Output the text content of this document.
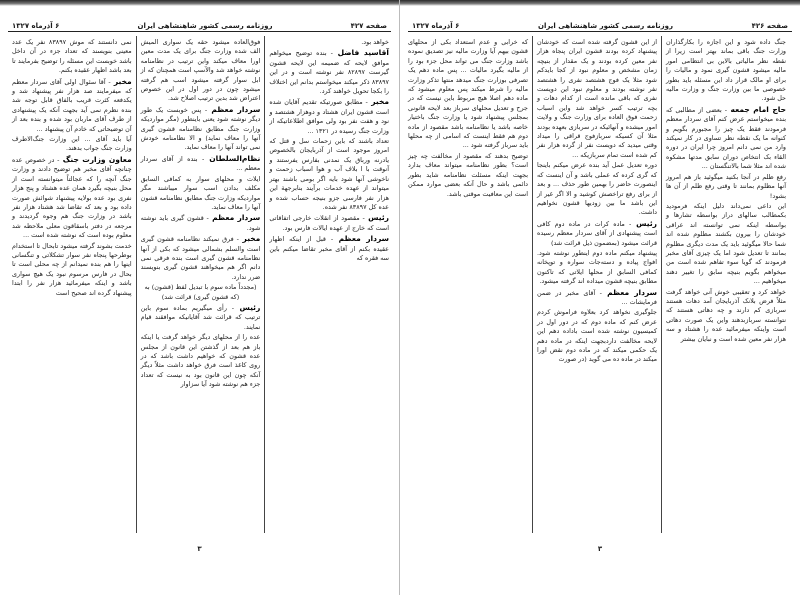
صفحه ۴۲۷
روزنامه رسمی کشور شاهنشاهی ایران
۶ آذرماه ۱۳۲۷

خواهد بود.

آقاسید فاضل - بنده توضیح میخواهم موافق لایحه که ضمیمه این لایحه قشون گیرست ۸۲۸۹۷ نفر نوشته است و در این ۸۳۸۹۷ ذکر میکند میخواستم بدانم این اختلاف را بکجا تحویل خواهند کرد.

مخبر - مطابق صورتیکه تقدیم آقایان شده است قشون ایران هشتاد و دوهزار هشتصد و نود و هفت نفر بود ولی موافق اطلاعاتیکه از وزارت جنگ رسیده در ۱۳۲۱ ...

تعداد باشند که باین زحمات سل و قتل که امروز موجود است از آذربایجان بالخصوص یادرنه ورباق یک نمدنی بفارس یفرستند و آنوقت با ا بلاف آب و هوا اسباب زحمت و ناخوشی آنها شود بایه اگر بومی باشند بهتر میتواند از عهده خدمات برآیند بنابرجهة این هزار نفر فارسی جزو بنیجه حساب شده و عده کل ۸۳۸۹۷ نفر شده.

رئیس - مقصود از انقلات خارجی اتفاقاتی است که خارج از عهده ایالات فارس بود.

سردار معظم - قبل از اینکه اظهار عقیده بکنم از آقای مخبر تقاضا میکنم باین سه فقره که

فوق‌العاده میشود حقه یک سواری المیش الف شده وزارت جنگ برای یک مدت معین اورا معاف میکند واین ترتیب در نظامنامه نوشته خواهد شد والآسپ است همچنان که از ابل سوار گرفته میشود اسب هم گرفته میشود چون در دور اول در این خصوص اعتراض شد بدین ترتیب اصلاح شد.

سردار معظم - پس خوبست یک طور دیگر نوشته شود یعنی باینطور (مگر مواردیکه وزارت جنگ مطابق نظامنامه قشون گیری آنها را معاف نماید) و الا نظامنامه خودش نمی تواند آنها را معاف نماید.

نظام‌السلطان - بنده از آقای سردار معظم ...

ایلات و محلهای سوار به کمافی السابق مکلف بدادن اسب سوار میباشند مگر مواردیکه وزارت جنگ مطابق نظامنامه قشون آنها را معاف نماید.

سردار معظم - قشون گیری باید نوشته شود.

مخبر - فرق نمیکند نظامنامه قشون گیری است والسلم بشمالی میشود که بکی از آنها نظامنامه قشون گیری است بنده فرقی نمی دانم اگر هم میخواهند قشون گیری بنویسند ضرر ندارد.

(مجدداً ماده سوم با تبدیل لفظ (قشون) به (که قشون گیری) قرائت شد)

رئیس - رأی میگیریم بماده سوم باین ترتیب که قرائت شد آقایانیکه موافقند قیام نمایند.

عده را از محلهای دیگر خواهد گرفت یا اینکه باز هم بعد از گذشتن این قانون از مجلس عده قشون که خواهیم داشت باشد که در روی کاغذ است فرق خواهد داشت مثلاً دیگر آنکه چون این قانون بود به نیست که تعداد جزء هم نوشته شود آیا سزاوار

نمی دانستند که موش ۸۳۸۹۷ نفر یک عدد معینی بنویسند که تعداد جزء در آن داخل باشد خوبست این مسئله را توضیح بفرمایند تا بعد باشد اظهار عقیده بکنم.

مخبر - آقا سئوال اولی آقای سردار معظم که میفرمایند صد هزار نفر پیشنهاد شد و یکدفعه کثرت قریب بالفاق قابل توجه شد بنده نظرم نمی آید بجهت آنکه یک پیشنهادی از طرف آقای ماربان بود شده و بنده بعد از آن توضیحاتی که خادم آن پیشنهاد ...

آیا باید آقای ... این وزارت جنگ‌الاطرف وزارت جنگ جواب بدهند.

معاون وزارت جنگ - در خصوص عده چنانچه آقای مخبر هم توضیح دادند و وزارت جنگ آنچه را که عجالتاً میتوانسته است از محل بنیچه بگیرد همان عده هشتاد و پنج هزار نفری بود عده بولایه پیشنهاد شوائش صورت داده بود و بعد که تقاضا شد هشتاد هزار نفر باشد در وزارت جنگ هم وجوه گردیدند و مرجعه در دفتر باسقاقون معلی ملاحظه شد معلوم بوده است که نوشته شده است ...

خدمت بشوند گرفته میشود تابحال تا استخدام بوطرحها پنجاه نفر سوار تشکلاتی و تنگسانی اینها را هم بنده نمیدانم از چه محلی است تا بحال در فارس مرسوم نبود یک هیچ سواری باشد و اینکه میفرمائید هزار نفر را ابتدا پیشنهاد گرده اند صحیح است

۳
صفحه ۴۲۶
روزنامه رسمی کشور شاهنشاهی ایران
۶ آذرماه ۱۳۲۷

جنگ داده شود و این اجازه را بکارگذاران وزارت جنگ باقی بماند بهتر است زیرا از نقطه نظر مالیاتی بالاین بی انتظامی امور مالیه میشود قشون گیری نمود و مالیات را برای او مالک قرار داد این مسئله باید بطور خصوصی ما بین وزارت جنگ و وزارت مالیه حل شود.

حاج امام جمعه - بعضی از مطالبی که بنده میخواستم عرض کنم آقای سردار معظم فرمودند فقط یک چیز را مجبورم بگویم و کنوانه ما یک نقطه نظر تساوی در کار نمیکند وارد من نمی دانم امروز چرا ایران در دوره القاء بک انتخاص دوران سابق مدتها مشکوه شده اند مثلا شما بالاتنگستان ...

رفع ظلم در آنجا بکنید میگوئید باز هم امروز آنها مظلوم بمانند تا وقتی رفع ظلم از آن ها بشود!

این داعی نمی‌داند دلیل اینکه فرمودید بکمطالب سالهای دراز بواسطه تشارها و بواسطه اینکه نمی توانسته اند عراقی خودشان را بیرون بکشند مظلوم شده اند شما حالا میگوئید باید یک مدت دیگری مظلوم بمانند تا تعدیل شود اما یک چیزی آقای مخبر فرمودند که گویا سوء تفاهم شده است من میخواهم بگویم بنیچه سابق را تغییر دهند میخواهیم ...

خواهد کرد و تعقیبی خوش آنی خواهد گرفت مثلاً فرض بلانک آذربایجان آمد دهات هستند سربازی کم دارند و چه دهاتی هستند که نتوانسته سربازبدهند واین یک صورت دهاتی است واینکه میفرمائید عده را هشتاد و سه هزار نفر معین شده است و نبایان بیشتر

از این قشون گرفته شده است که خودشان پیشنهاد کرده بودند قشون ایران پنجاه هزار نفر معین کرده بودند و یک مقدار از بنیچه زمان مشخص و معلوم نبود از کجا بایدکم شود مثلا یک فوج هشتصد نفری را هشتصد نفر نوشته بودند و معلوم نبود این دویست نفری که باقی مانده است از کدام دهات و بچه ترتیب کسر خواهد شد واین اسباب زحمت فوق العاده برای وزارت جنگ و ولایت امور میشده و آنهائیکه در سربازی بعهده بودند مثلا آن کسیکه سربازفوج قراقی را میداد وقتی میدید که دویست نفر از گرده هزار نفر کم شده است تمام سربازیکه ...

دوره تعدیل عمل آید بنده عرض میکنم باینجا که گری کرده که عملی باشد و آن اینست که اینصورت حاضر را بهمین طور حذف ... و بعد از برای رفع تراخصش کوشید و الا اگر غیر از این باشد ما بین زودیها قشون نخواهیم داشت.

رئیس - ماده کرات در ماده دوم کافی است پیشنهادی از آقای سردار معظم رسیده قرائت میشود (بمضمون ذیل قرائت شد)

پیشنهاد میکنم ماده دوم اینطور نوشته شود. افواج پیاده و دسته‌جات سواره و توپخانه کمافی السابق از محلها ایلاتی که تاکنون مطابق بنیچه قشون میداده اند گرفته میشود.

سردار معظم - آقای مخبر در ضمن فرمایشات ...

جلوگیری نخواهد کرد بعلاوه فراموش کردم عرض کنم که ماده دوم که در دور اول در کمیسیون نوشته شده است باداده دهم این لایحه مخالفت داردبجهت اینکه در ماده دهم یک حکمی میکند که در ماده دوم نقض اورا میکند در ماده ده می گوید (در صورت

که خرابی و عدم استعداد بکی از محلهای قشون بیهم آیا وزارت مالیه نیز تصدیق نموده باشد وزارت جنگ می تواند محل جزء بود را از مالیه بگیرد مالیات ... پس ماده دهم یک تصرفی بوزارت جنگ میدهد منتها تذکر وزارت مالیه را شرط میکند پس معلوم میشود که ماده دهم اصلا هیچ مربوط باین نیست که در جرح و تعدیل محلهای سرباز بعد لایحه قانونی بمجلس پیشنهاد شود یا وزارت جنگ باختیار خاصه باشد یا نظامنامه باشد مقصود از ماده دوم هم فقط اینست که اسامی از چه محلها باید سرباز گرفته شود ...

توضیح بدهند که مقصود از مخالفت چه چیز است؟ بطور نظامنامه میتواند معاف بدارد بجهت اینکه مسئلت نظامنامه شاید بطور دائمی باشد و حال آنکه بعضی موارد ممکن است این معافیت موقتی باشد.

۳
